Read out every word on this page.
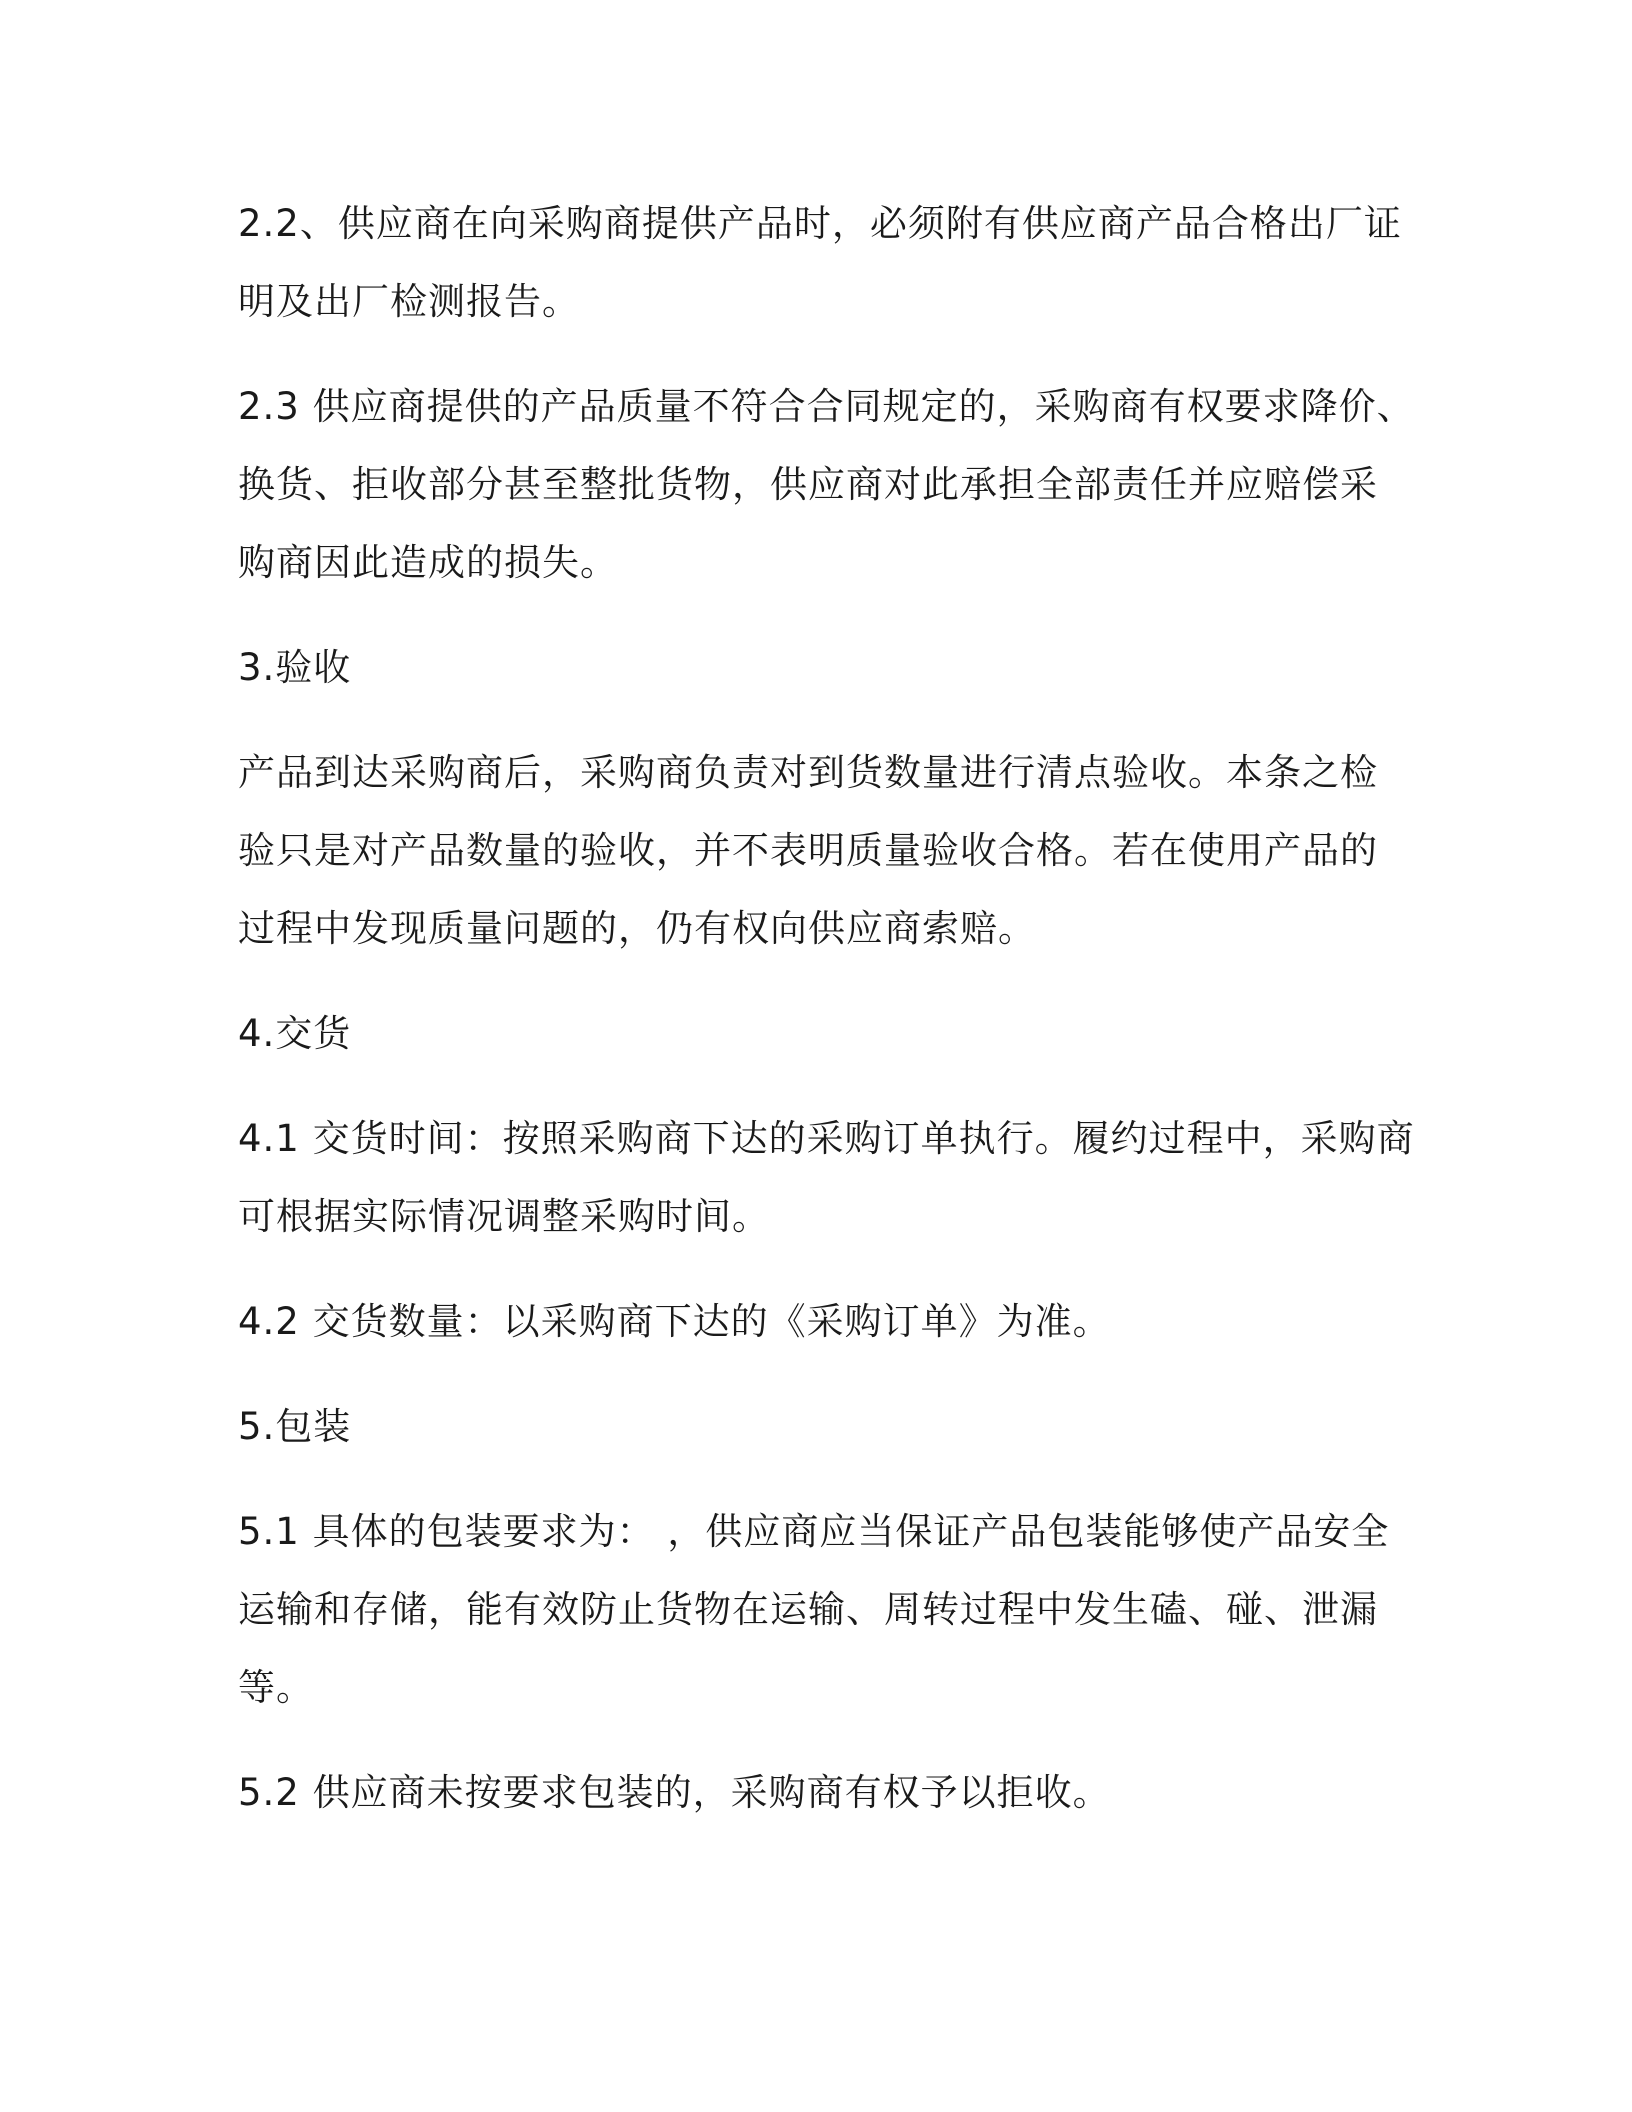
2.2、供应商在向采购商提供产品时，必须附有供应商产品合格出厂证
明及出厂检测报告。

2.3 供应商提供的产品质量不符合合同规定的，采购商有权要求降价、
换货、拒收部分甚至整批货物，供应商对此承担全部责任并应赔偿采
购商因此造成的损失。

3.验收

产品到达采购商后，采购商负责对到货数量进行清点验收。本条之检
验只是对产品数量的验收，并不表明质量验收合格。若在使用产品的
过程中发现质量问题的，仍有权向供应商索赔。

4.交货

4.1 交货时间：按照采购商下达的采购订单执行。履约过程中，采购商
可根据实际情况调整采购时间。

4.2 交货数量：以采购商下达的《采购订单》为准。

5.包装

5.1 具体的包装要求为： ，供应商应当保证产品包装能够使产品安全
运输和存储，能有效防止货物在运输、周转过程中发生磕、碰、泄漏
等。

5.2 供应商未按要求包装的，采购商有权予以拒收。
